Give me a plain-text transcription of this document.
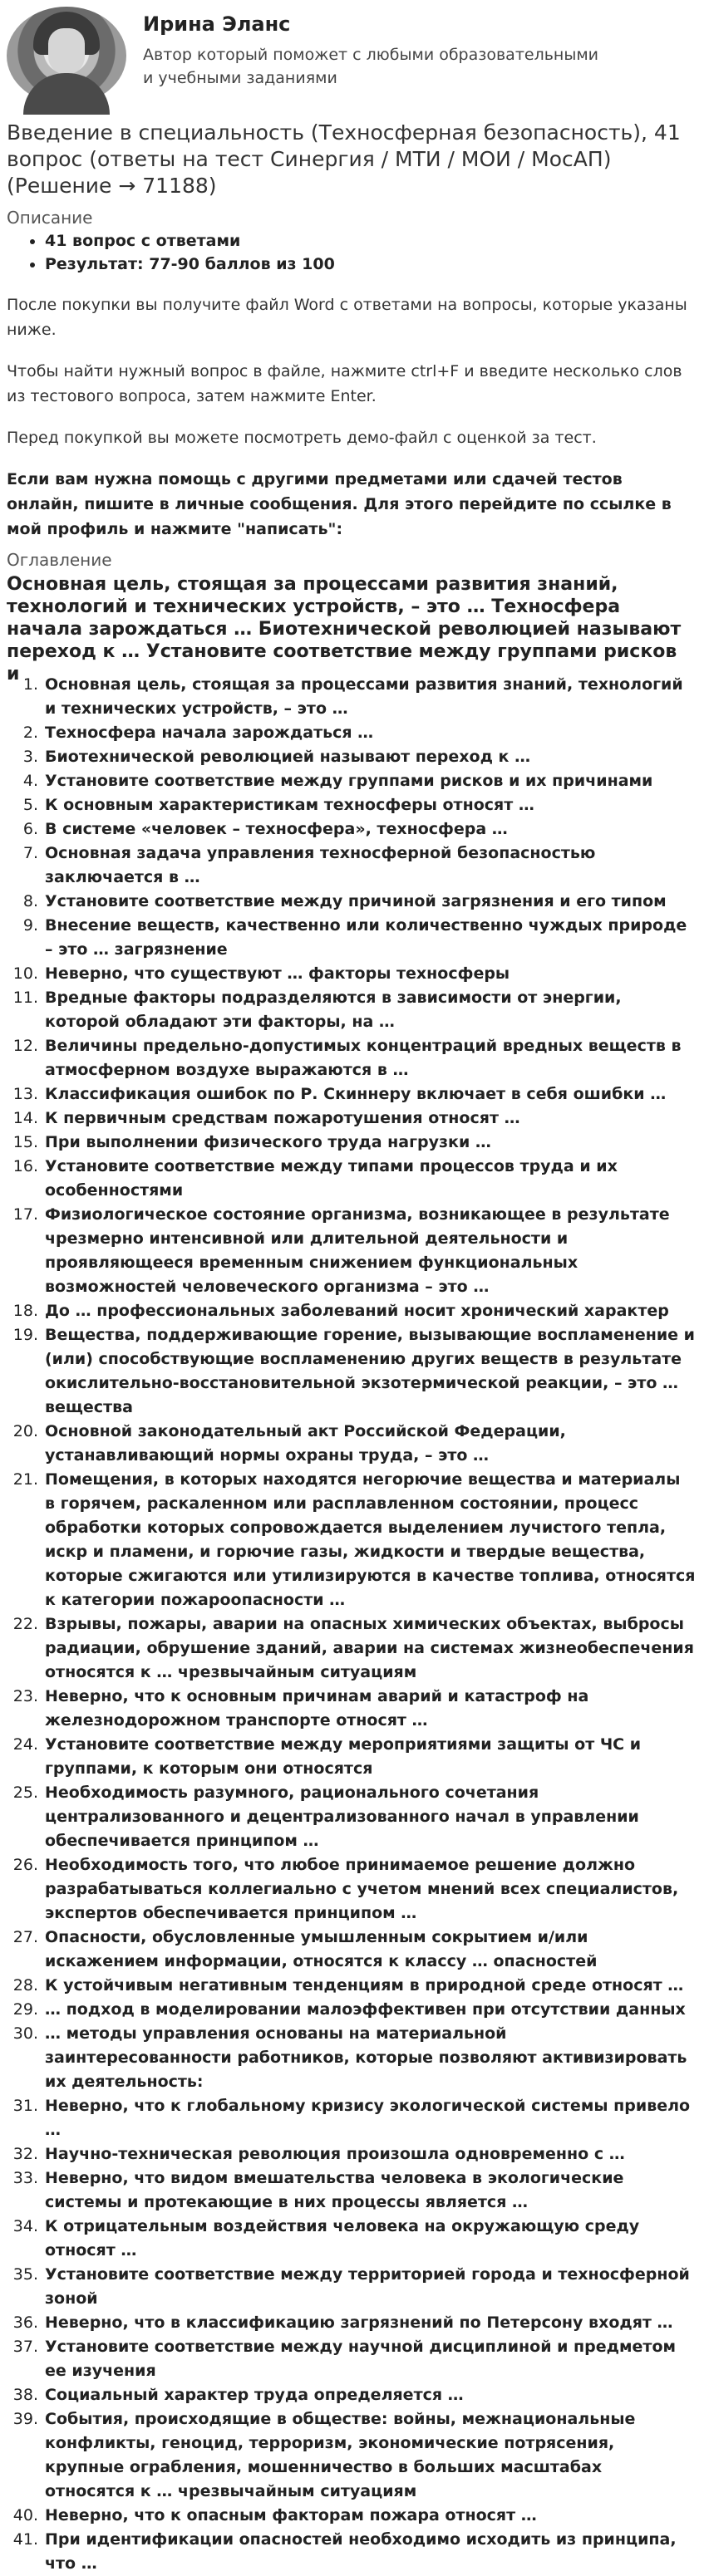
Ирина Эланс
Автор который поможет с любыми образовательными и учебными заданиями
Введение в специальность (Техносферная безопасность), 41 вопрос (ответы на тест Синергия / МТИ / МОИ / МосАП) (Решение → 71188)
Описание
• 41 вопрос с ответами
• Результат: 77-90 баллов из 100

После покупки вы получите файл Word с ответами на вопросы, которые указаны ниже.

Чтобы найти нужный вопрос в файле, нажмите ctrl+F и введите несколько слов из тестового вопроса, затем нажмите Enter.

Перед покупкой вы можете посмотреть демо-файл с оценкой за тест.

Если вам нужна помощь с другими предметами или сдачей тестов онлайн, пишите в личные сообщения. Для этого перейдите по ссылке в мой профиль и нажмите "написать":

Оглавление
Основная цель, стоящая за процессами развития знаний, технологий и технических устройств, – это … Техносфера начала зарождаться … Биотехнической революцией называют переход к … Установите соответствие между группами рисков и 1. Основная цель, стоящая за процессами развития знаний, технологий и технических устройств, – это …
2. Техносфера начала зарождаться …
3. Биотехнической революцией называют переход к …
4. Установите соответствие между группами рисков и их причинами
5. К основным характеристикам техносферы относят …
6. В системе «человек – техносфера», техносфера …
7. Основная задача управления техносферной безопасностью заключается в …
8. Установите соответствие между причиной загрязнения и его типом
9. Внесение веществ, качественно или количественно чуждых природе – это … загрязнение
10. Неверно, что существуют … факторы техносферы
11. Вредные факторы подразделяются в зависимости от энергии, которой обладают эти факторы, на …
12. Величины предельно-допустимых концентраций вредных веществ в атмосферном воздухе выражаются в …
13. Классификация ошибок по Р. Скиннеру включает в себя ошибки …
14. К первичным средствам пожаротушения относят …
15. При выполнении физического труда нагрузки …
16. Установите соответствие между типами процессов труда и их особенностями
17. Физиологическое состояние организма, возникающее в результате чрезмерно интенсивной или длительной деятельности и проявляющееся временным снижением функциональных возможностей человеческого организма – это …
18. До … профессиональных заболеваний носит хронический характер
19. Вещества, поддерживающие горение, вызывающие воспламенение и (или) способствующие воспламенению других веществ в результате окислительно-восстановительной экзотермической реакции, – это … вещества
20. Основной законодательный акт Российской Федерации, устанавливающий нормы охраны труда, – это …
21. Помещения, в которых находятся негорючие вещества и материалы в горячем, раскаленном или расплавленном состоянии, процесс обработки которых сопровождается выделением лучистого тепла, искр и пламени, и горючие газы, жидкости и твердые вещества, которые сжигаются или утилизируются в качестве топлива, относятся к категории пожароопасности …
22. Взрывы, пожары, аварии на опасных химических объектах, выбросы радиации, обрушение зданий, аварии на системах жизнеобеспечения относятся к … чрезвычайным ситуациям
23. Неверно, что к основным причинам аварий и катастроф на железнодорожном транспорте относят …
24. Установите соответствие между мероприятиями защиты от ЧС и группами, к которым они относятся
25. Необходимость разумного, рационального сочетания централизованного и децентрализованного начал в управлении обеспечивается принципом …
26. Необходимость того, что любое принимаемое решение должно разрабатываться коллегиально с учетом мнений всех специалистов, экспертов обеспечивается принципом …
27. Опасности, обусловленные умышленным сокрытием и/или искажением информации, относятся к классу … опасностей
28. К устойчивым негативным тенденциям в природной среде относят …
29. … подход в моделировании малоэффективен при отсутствии данных
30. … методы управления основаны на материальной заинтересованности работников, которые позволяют активизировать их деятельность:
31. Неверно, что к глобальному кризису экологической системы привело …
32. Научно-техническая революция произошла одновременно с …
33. Неверно, что видом вмешательства человека в экологические системы и протекающие в них процессы является …
34. К отрицательным воздействия человека на окружающую среду относят …
35. Установите соответствие между территорией города и техносферной зоной
36. Неверно, что в классификацию загрязнений по Петерсону входят …
37. Установите соответствие между научной дисциплиной и предметом ее изучения
38. Социальный характер труда определяется …
39. События, происходящие в обществе: войны, межнациональные конфликты, геноцид, терроризм, экономические потрясения, крупные ограбления, мошенничество в больших масштабах относятся к … чрезвычайным ситуациям
40. Неверно, что к опасным факторам пожара относят …
41. При идентификации опасностей необходимо исходить из принципа, что …
